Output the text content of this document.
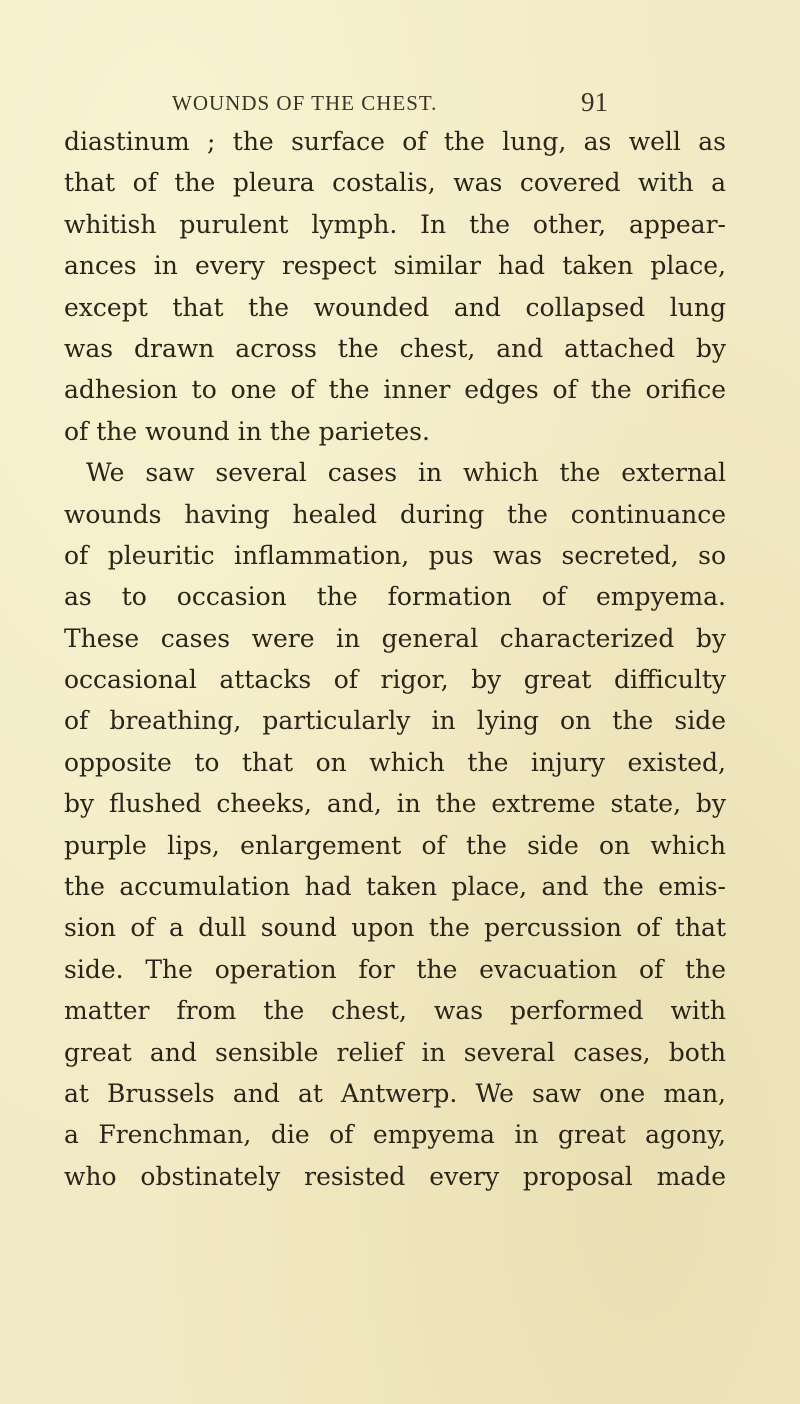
WOUNDS OF THE CHEST.	91
diastinum ; the surface of the lung, as well as
that of the pleura costalis, was covered with a
whitish purulent lymph. In the other, appear-
ances in every respect similar had taken place,
except that the wounded and collapsed lung
was drawn across the chest, and attached by
adhesion to one of the inner edges of the orifice
of the wound in the parietes.
We saw several cases in which the external
wounds having healed during the continuance
of pleuritic inflammation, pus was secreted, so
as to occasion the formation of empyema.
These cases were in general characterized by
occasional attacks of rigor, by great difficulty
of breathing, particularly in lying on the side
opposite to that on which the injury existed,
by flushed cheeks, and, in the extreme state, by
purple lips, enlargement of the side on which
the accumulation had taken place, and the emis-
sion of a dull sound upon the percussion of that
side. The operation for the evacuation of the
matter from the chest, was performed with
great and sensible relief in several cases, both
at Brussels and at Antwerp. We saw one man,
a Frenchman, die of empyema in great agony,
who obstinately resisted every proposal made
